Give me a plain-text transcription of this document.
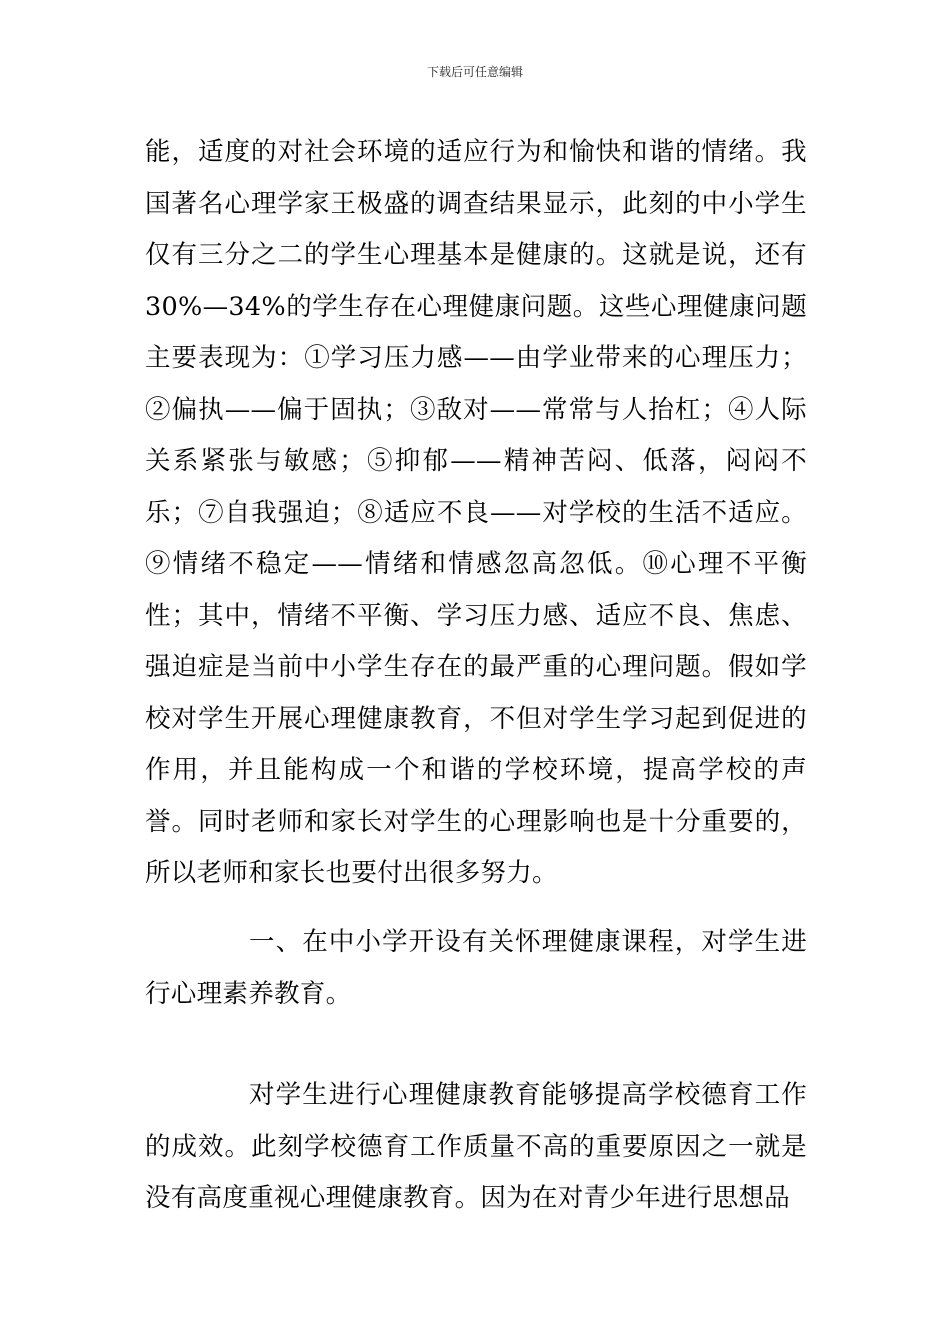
下载后可任意编辑

能，适度的对社会环境的适应行为和愉快和谐的情绪。我国著名心理学家王极盛的调查结果显示，此刻的中小学生仅有三分之二的学生心理基本是健康的。这就是说，还有30%—34%的学生存在心理健康问题。这些心理健康问题主要表现为：①学习压力感——由学业带来的心理压力；②偏执——偏于固执；③敌对——常常与人抬杠；④人际关系紧张与敏感；⑤抑郁——精神苦闷、低落，闷闷不乐；⑦自我强迫；⑧适应不良——对学校的生活不适应。⑨情绪不稳定——情绪和情感忽高忽低。⑩心理不平衡性；其中，情绪不平衡、学习压力感、适应不良、焦虑、强迫症是当前中小学生存在的最严重的心理问题。假如学校对学生开展心理健康教育，不但对学生学习起到促进的作用，并且能构成一个和谐的学校环境，提高学校的声誉。同时老师和家长对学生的心理影响也是十分重要的，所以老师和家长也要付出很多努力。

一、在中小学开设有关怀理健康课程，对学生进行心理素养教育。

对学生进行心理健康教育能够提高学校德育工作的成效。此刻学校德育工作质量不高的重要原因之一就是没有高度重视心理健康教育。因为在对青少年进行思想品
